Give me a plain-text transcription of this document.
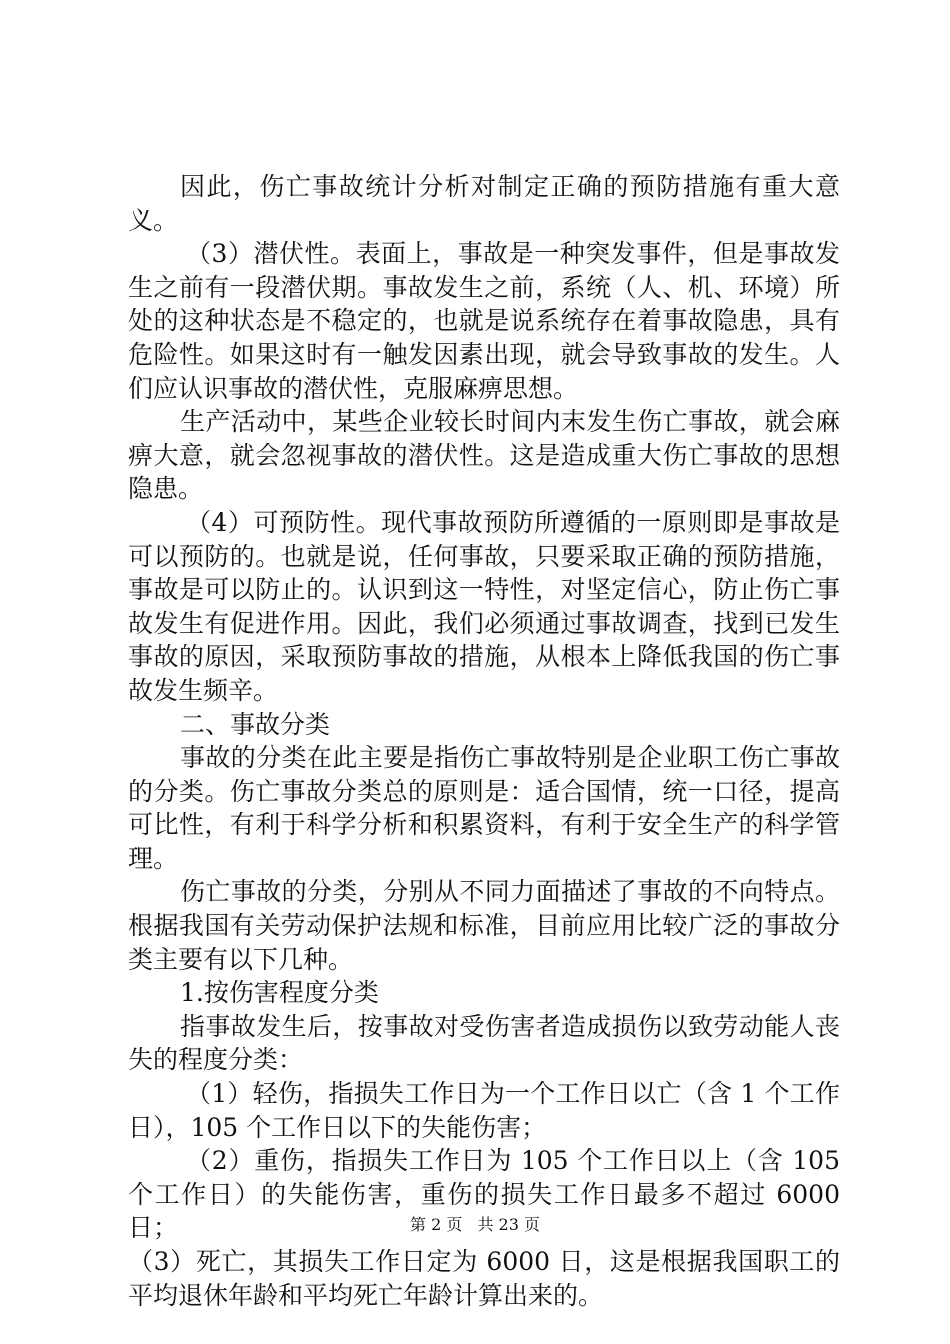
因此，伤亡事故统计分析对制定正确的预防措施有重大意义。

（3）潜伏性。表面上，事故是一种突发事件，但是事故发生之前有一段潜伏期。事故发生之前，系统（人、机、环境）所处的这种状态是不稳定的，也就是说系统存在着事故隐患，具有危险性。如果这时有一触发因素出现，就会导致事故的发生。人们应认识事故的潜伏性，克服麻痹思想。

生产活动中，某些企业较长时间内末发生伤亡事故，就会麻痹大意，就会忽视事故的潜伏性。这是造成重大伤亡事故的思想隐患。

（4）可预防性。现代事故预防所遵循的一原则即是事故是可以预防的。也就是说，任何事故，只要采取正确的预防措施，事故是可以防止的。认识到这一特性，对坚定信心，防止伤亡事故发生有促进作用。因此，我们必须通过事故调查，找到已发生事故的原因，采取预防事故的措施，从根本上降低我国的伤亡事故发生频辛。

二、事故分类

事故的分类在此主要是指伤亡事故特别是企业职工伤亡事故的分类。伤亡事故分类总的原则是：适合国情，统一口径，提高可比性，有利于科学分析和积累资料，有利于安全生产的科学管理。

伤亡事故的分类，分别从不同力面描述了事故的不向特点。根据我国有关劳动保护法规和标准，目前应用比较广泛的事故分类主要有以下几种。

1.按伤害程度分类

指事故发生后，按事故对受伤害者造成损伤以致劳动能人丧失的程度分类：

（1）轻伤，指损失工作日为一个工作日以亡（含 1 个工作日），105 个工作日以下的失能伤害；

（2）重伤，指损失工作日为 105 个工作日以上（含 105 个工作日）的失能伤害，重伤的损失工作日最多不超过 6000 日；

（3）死亡，其损失工作日定为 6000 日，这是根据我国职工的平均退休年龄和平均死亡年龄计算出来的。

第 2 页 共 23 页
